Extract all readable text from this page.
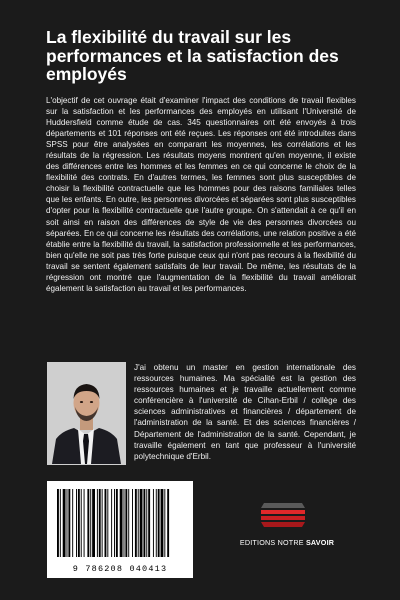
La flexibilité du travail sur les performances et la satisfaction des employés

L'objectif de cet ouvrage était d'examiner l'impact des conditions de travail flexibles sur la satisfaction et les performances des employés en utilisant l'Université de Huddersfield comme étude de cas. 345 questionnaires ont été envoyés à trois départements et 101 réponses ont été reçues. Les réponses ont été introduites dans SPSS pour être analysées en comparant les moyennes, les corrélations et les résultats de la régression. Les résultats moyens montrent qu'en moyenne, il existe des différences entre les hommes et les femmes en ce qui concerne le choix de la flexibilité des contrats. En d'autres termes, les femmes sont plus susceptibles de choisir la flexibilité contractuelle que les hommes pour des raisons familiales telles que les enfants. En outre, les personnes divorcées et séparées sont plus susceptibles d'opter pour la flexibilité contractuelle que l'autre groupe. On s'attendait à ce qu'il en soit ainsi en raison des différences de style de vie des personnes divorcées ou séparées. En ce qui concerne les résultats des corrélations, une relation positive a été établie entre la flexibilité du travail, la satisfaction professionnelle et les performances, bien qu'elle ne soit pas très forte puisque ceux qui n'ont pas recours à la flexibilité du travail se sentent également satisfaits de leur travail. De même, les résultats de la régression ont montré que l'augmentation de la flexibilité du travail améliorait également la satisfaction au travail et les performances.

J'ai obtenu un master en gestion internationale des ressources humaines. Ma spécialité est la gestion des ressources humaines et je travaille actuellement comme conférencière à l'université de Cihan-Erbil / collège des sciences administratives et financières / département de l'administration de la santé. Et des sciences financières / Département de l'administration de la santé. Cependant, je travaille également en tant que professeur à l'université polytechnique d'Erbil.

9 786208 040413
EDITIONS NOTRE SAVOIR
